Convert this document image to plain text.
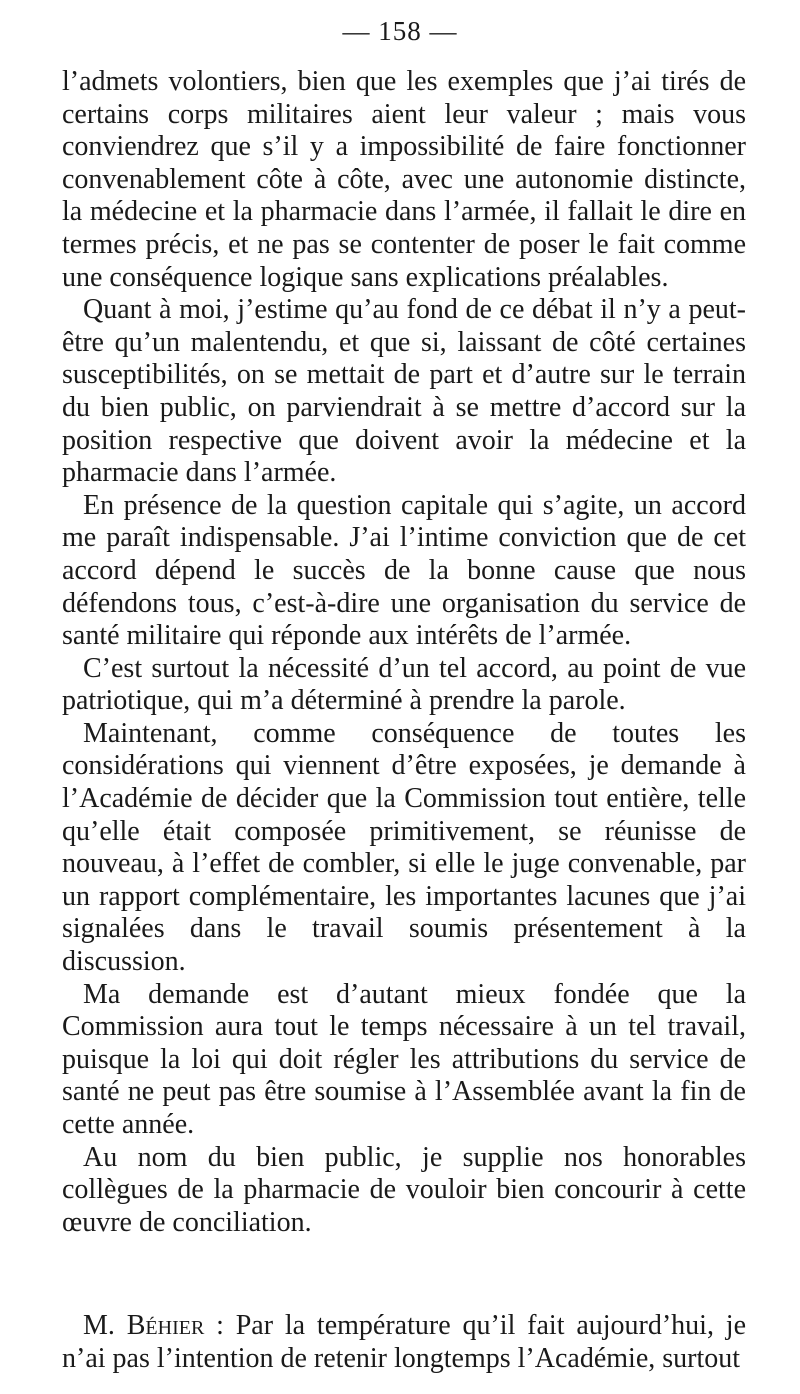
— 158 —

l’admets volontiers, bien que les exemples que j’ai tirés de certains corps militaires aient leur valeur ; mais vous conviendrez que s’il y a impossibilité de faire fonctionner convenablement côte à côte, avec une autonomie distincte, la médecine et la pharmacie dans l’armée, il fallait le dire en termes précis, et ne pas se contenter de poser le fait comme une conséquence logique sans explications préalables.

Quant à moi, j’estime qu’au fond de ce débat il n’y a peut-être qu’un malentendu, et que si, laissant de côté certaines susceptibilités, on se mettait de part et d’autre sur le terrain du bien public, on parviendrait à se mettre d’accord sur la position respective que doivent avoir la médecine et la pharmacie dans l’armée.

En présence de la question capitale qui s’agite, un accord me paraît indispensable. J’ai l’intime conviction que de cet accord dépend le succès de la bonne cause que nous défendons tous, c’est-à-dire une organisation du service de santé militaire qui réponde aux intérêts de l’armée.

C’est surtout la nécessité d’un tel accord, au point de vue patriotique, qui m’a déterminé à prendre la parole.

Maintenant, comme conséquence de toutes les considérations qui viennent d’être exposées, je demande à l’Académie de décider que la Commission tout entière, telle qu’elle était composée primitivement, se réunisse de nouveau, à l’effet de combler, si elle le juge convenable, par un rapport complémentaire, les importantes lacunes que j’ai signalées dans le travail soumis présentement à la discussion.

Ma demande est d’autant mieux fondée que la Commission aura tout le temps nécessaire à un tel travail, puisque la loi qui doit régler les attributions du service de santé ne peut pas être soumise à l’Assemblée avant la fin de cette année.

Au nom du bien public, je supplie nos honorables collègues de la pharmacie de vouloir bien concourir à cette œuvre de conciliation.

M. Béhier : Par la température qu’il fait aujourd’hui, je n’ai pas l’intention de retenir longtemps l’Académie, surtout
